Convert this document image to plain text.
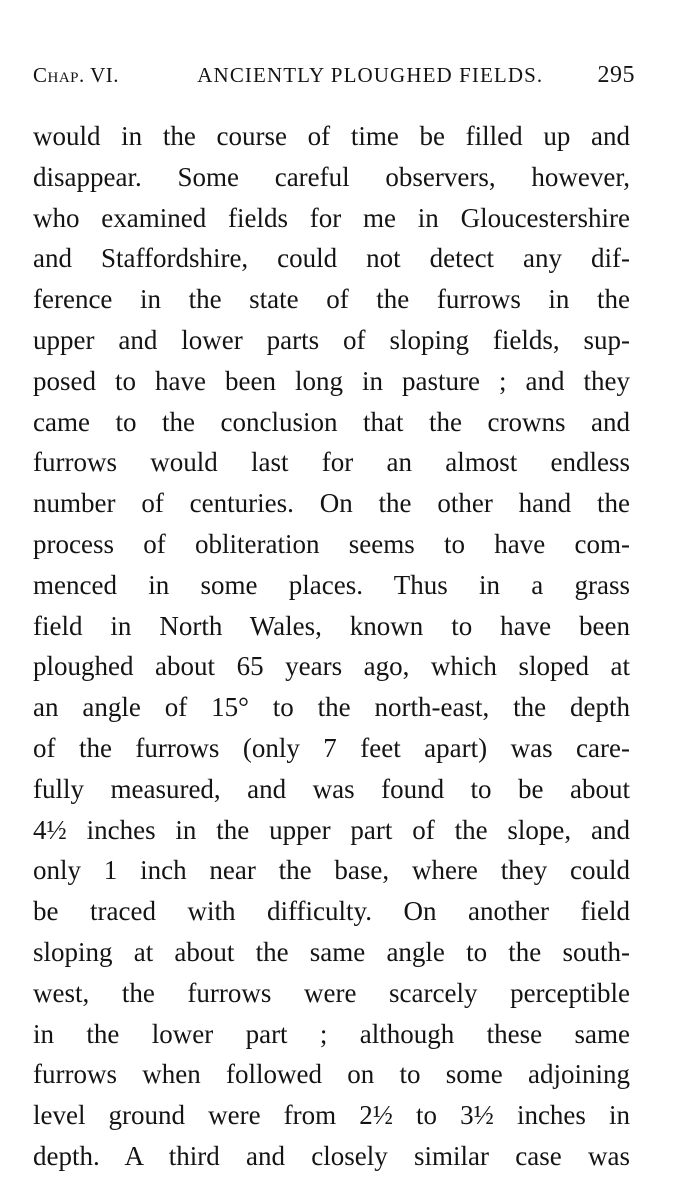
Chap. VI.	ANCIENTLY PLOUGHED FIELDS.	295
would in the course of time be filled up and
disappear. Some careful observers, however,
who examined fields for me in Gloucestershire
and Staffordshire, could not detect any dif-
ference in the state of the furrows in the
upper and lower parts of sloping fields, sup-
posed to have been long in pasture ; and they
came to the conclusion that the crowns and
furrows would last for an almost endless
number of centuries. On the other hand the
process of obliteration seems to have com-
menced in some places. Thus in a grass
field in North Wales, known to have been
ploughed about 65 years ago, which sloped at
an angle of 15° to the north-east, the depth
of the furrows (only 7 feet apart) was care-
fully measured, and was found to be about
4½ inches in the upper part of the slope, and
only 1 inch near the base, where they could
be traced with difficulty. On another field
sloping at about the same angle to the south-
west, the furrows were scarcely perceptible
in the lower part ; although these same
furrows when followed on to some adjoining
level ground were from 2½ to 3½ inches in
depth. A third and closely similar case was
